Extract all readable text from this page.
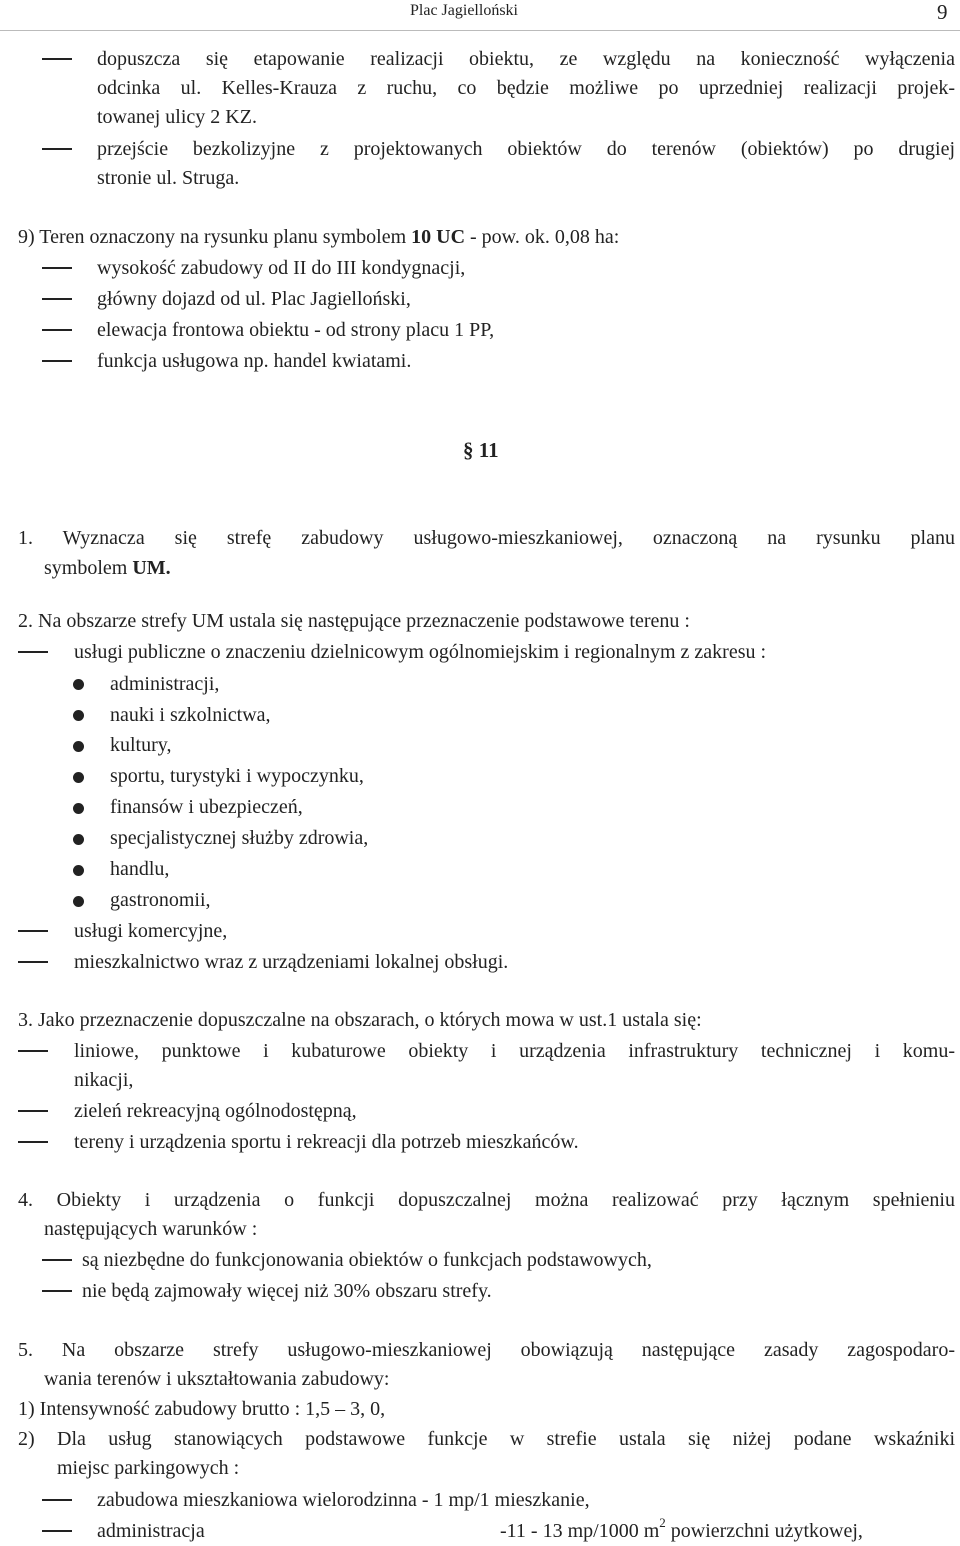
Plac Jagielloński	9
dopuszcza się etapowanie realizacji obiektu, ze względu na konieczność wyłączenia
odcinka ul. Kelles-Krauza z ruchu, co będzie możliwe po uprzedniej realizacji projek-
towanej ulicy 2 KZ.
przejście bezkolizyjne z projektowanych obiektów do terenów (obiektów) po drugiej
stronie ul. Struga.
9) Teren oznaczony na rysunku planu symbolem 10 UC - pow. ok. 0,08 ha:
wysokość zabudowy od II do III kondygnacji,
główny dojazd od ul. Plac Jagielloński,
elewacja frontowa obiektu - od strony placu 1 PP,
funkcja usługowa np. handel kwiatami.
§ 11
1. Wyznacza się strefę zabudowy usługowo-mieszkaniowej, oznaczoną na rysunku planu
symbolem UM.
2. Na obszarze strefy UM ustala się następujące przeznaczenie podstawowe terenu :
usługi publiczne o znaczeniu dzielnicowym ogólnomiejskim i regionalnym z zakresu :
administracji,
nauki i szkolnictwa,
kultury,
sportu, turystyki i wypoczynku,
finansów i ubezpieczeń,
specjalistycznej służby zdrowia,
handlu,
gastronomii,
usługi komercyjne,
mieszkalnictwo wraz z urządzeniami lokalnej obsługi.
3. Jako przeznaczenie dopuszczalne na obszarach, o których mowa w ust.1 ustala się:
liniowe, punktowe i kubaturowe obiekty i urządzenia infrastruktury technicznej i komu-
nikacji,
zieleń rekreacyjną ogólnodostępną,
tereny i urządzenia sportu i rekreacji dla potrzeb mieszkańców.
4. Obiekty i urządzenia o funkcji dopuszczalnej można realizować przy łącznym spełnieniu
następujących warunków :
są niezbędne do funkcjonowania obiektów o funkcjach podstawowych,
nie będą zajmowały więcej niż 30% obszaru strefy.
5. Na obszarze strefy usługowo-mieszkaniowej obowiązują następujące zasady zagospodaro-
wania terenów i ukształtowania zabudowy:
1) Intensywność zabudowy brutto : 1,5 – 3, 0,
2) Dla usług stanowiących podstawowe funkcje w strefie ustala się niżej podane wskaźniki
miejsc parkingowych :
zabudowa mieszkaniowa wielorodzinna - 1 mp/1 mieszkanie,
administracja	-11 - 13 mp/1000 $m^2$ powierzchni użytkowej,
